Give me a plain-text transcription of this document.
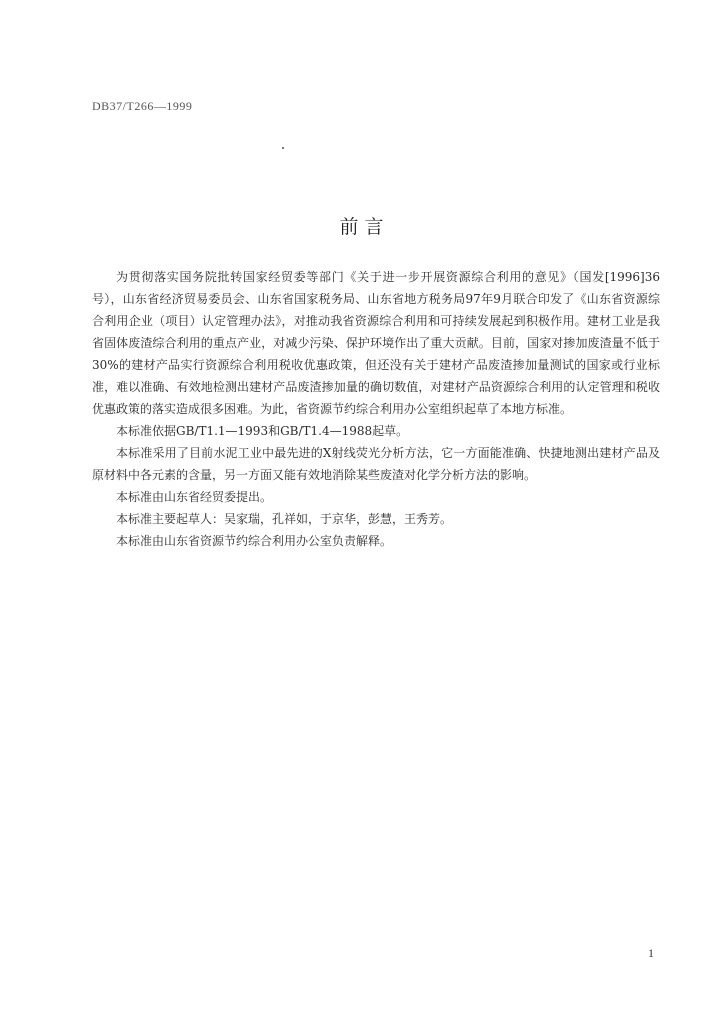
DB37/T266—1999
前 言

为贯彻落实国务院批转国家经贸委等部门《关于进一步开展资源综合利用的意见》（国发[1996]36号），山东省经济贸易委员会、山东省国家税务局、山东省地方税务局97年9月联合印发了《山东省资源综合利用企业（项目）认定管理办法》，对推动我省资源综合利用和可持续发展起到积极作用。建材工业是我省固体废渣综合利用的重点产业，对减少污染、保护环境作出了重大贡献。目前，国家对掺加废渣量不低于30%的建材产品实行资源综合利用税收优惠政策，但还没有关于建材产品废渣掺加量测试的国家或行业标准，难以准确、有效地检测出建材产品废渣掺加量的确切数值，对建材产品资源综合利用的认定管理和税收优惠政策的落实造成很多困难。为此，省资源节约综合利用办公室组织起草了本地方标准。

本标准依据GB/T1.1—1993和GB/T1.4—1988起草。

本标准采用了目前水泥工业中最先进的X射线荧光分析方法，它一方面能准确、快捷地测出建材产品及原材料中各元素的含量，另一方面又能有效地消除某些废渣对化学分析方法的影响。

本标准由山东省经贸委提出。

本标准主要起草人：吴家瑞，孔祥如，于京华，彭慧，王秀芳。

本标准由山东省资源节约综合利用办公室负责解释。

1
